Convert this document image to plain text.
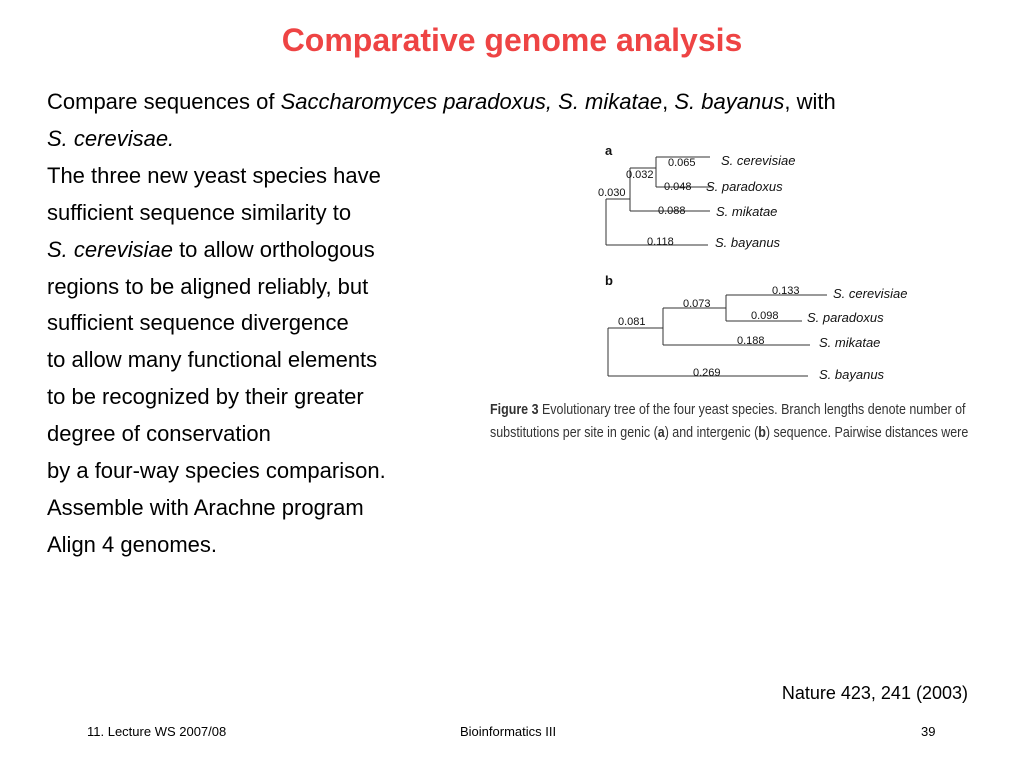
Comparative genome analysis
Compare sequences of Saccharomyces paradoxus, S. mikatae, S. bayanus, with
S. cerevisae.
The three new yeast species have
sufficient sequence similarity to
S. cerevisiae to allow orthologous
regions to be aligned reliably, but
sufficient sequence divergence
to allow many functional elements
to be recognized by their greater
degree of conservation
by a four-way species comparison.
Assemble with Arachne program
Align 4 genomes.
a
0.030
0.032
0.065
0.048
0.088
0.118
S. cerevisiae
S. paradoxus
S. mikatae
S. bayanus
b
0.081
0.073
0.133
0.098
0.188
0.269
S. cerevisiae
S. paradoxus
S. mikatae
S. bayanus
Figure 3 Evolutionary tree of the four yeast species. Branch lengths denote number of
substitutions per site in genic (a) and intergenic (b) sequence. Pairwise distances were
Nature 423, 241 (2003)
11. Lecture WS 2007/08	Bioinformatics III	39
